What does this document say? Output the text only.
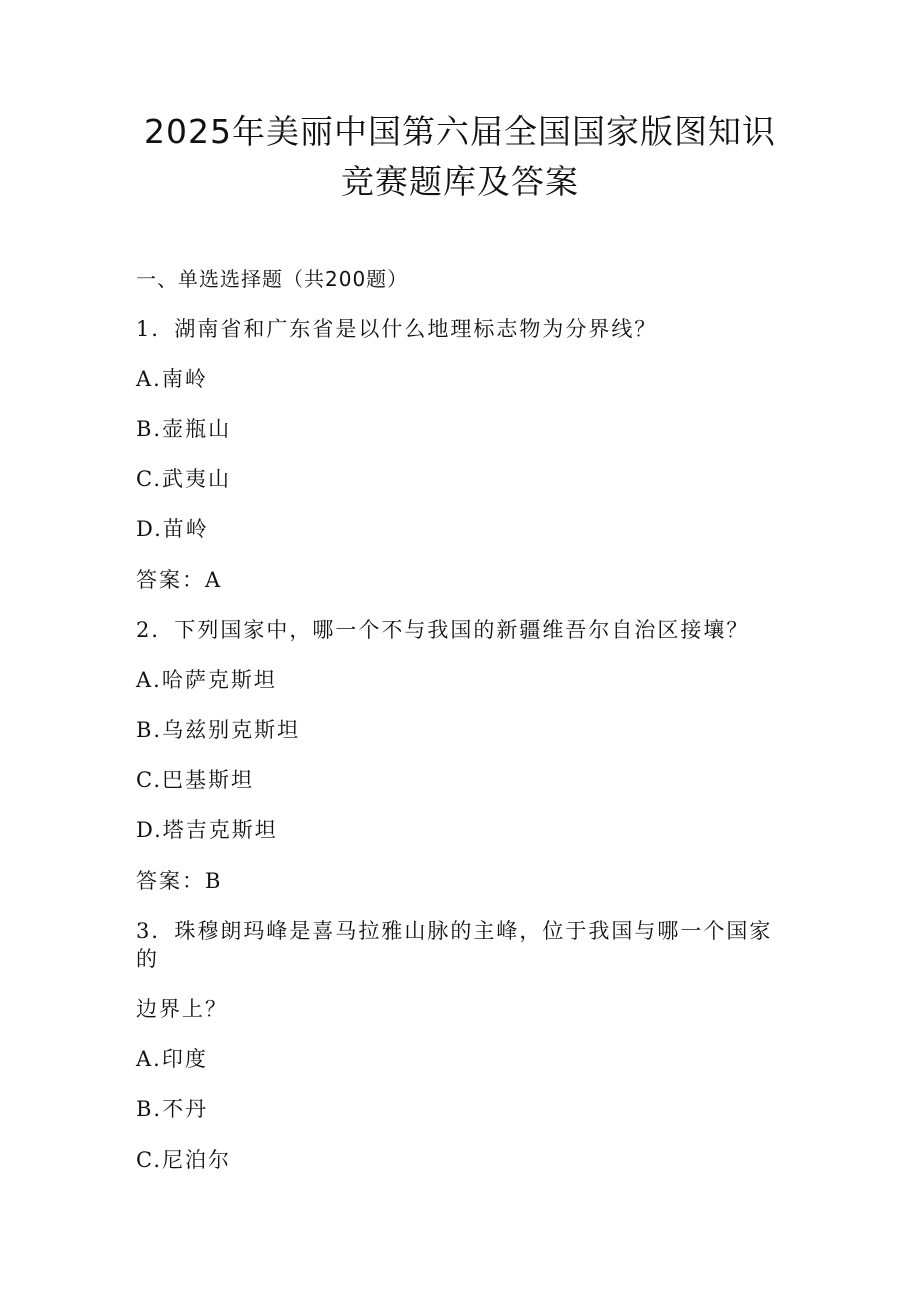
2025年美丽中国第六届全国国家版图知识
竞赛题库及答案
一、单选选择题（共200题）
1．湖南省和广东省是以什么地理标志物为分界线？
A.南岭
B.壶瓶山
C.武夷山
D.苗岭
答案：A
2．下列国家中，哪一个不与我国的新疆维吾尔自治区接壤？
A.哈萨克斯坦
B.乌兹别克斯坦
C.巴基斯坦
D.塔吉克斯坦
答案：B
3．珠穆朗玛峰是喜马拉雅山脉的主峰，位于我国与哪一个国家
的
边界上？
A.印度
B.不丹
C.尼泊尔
